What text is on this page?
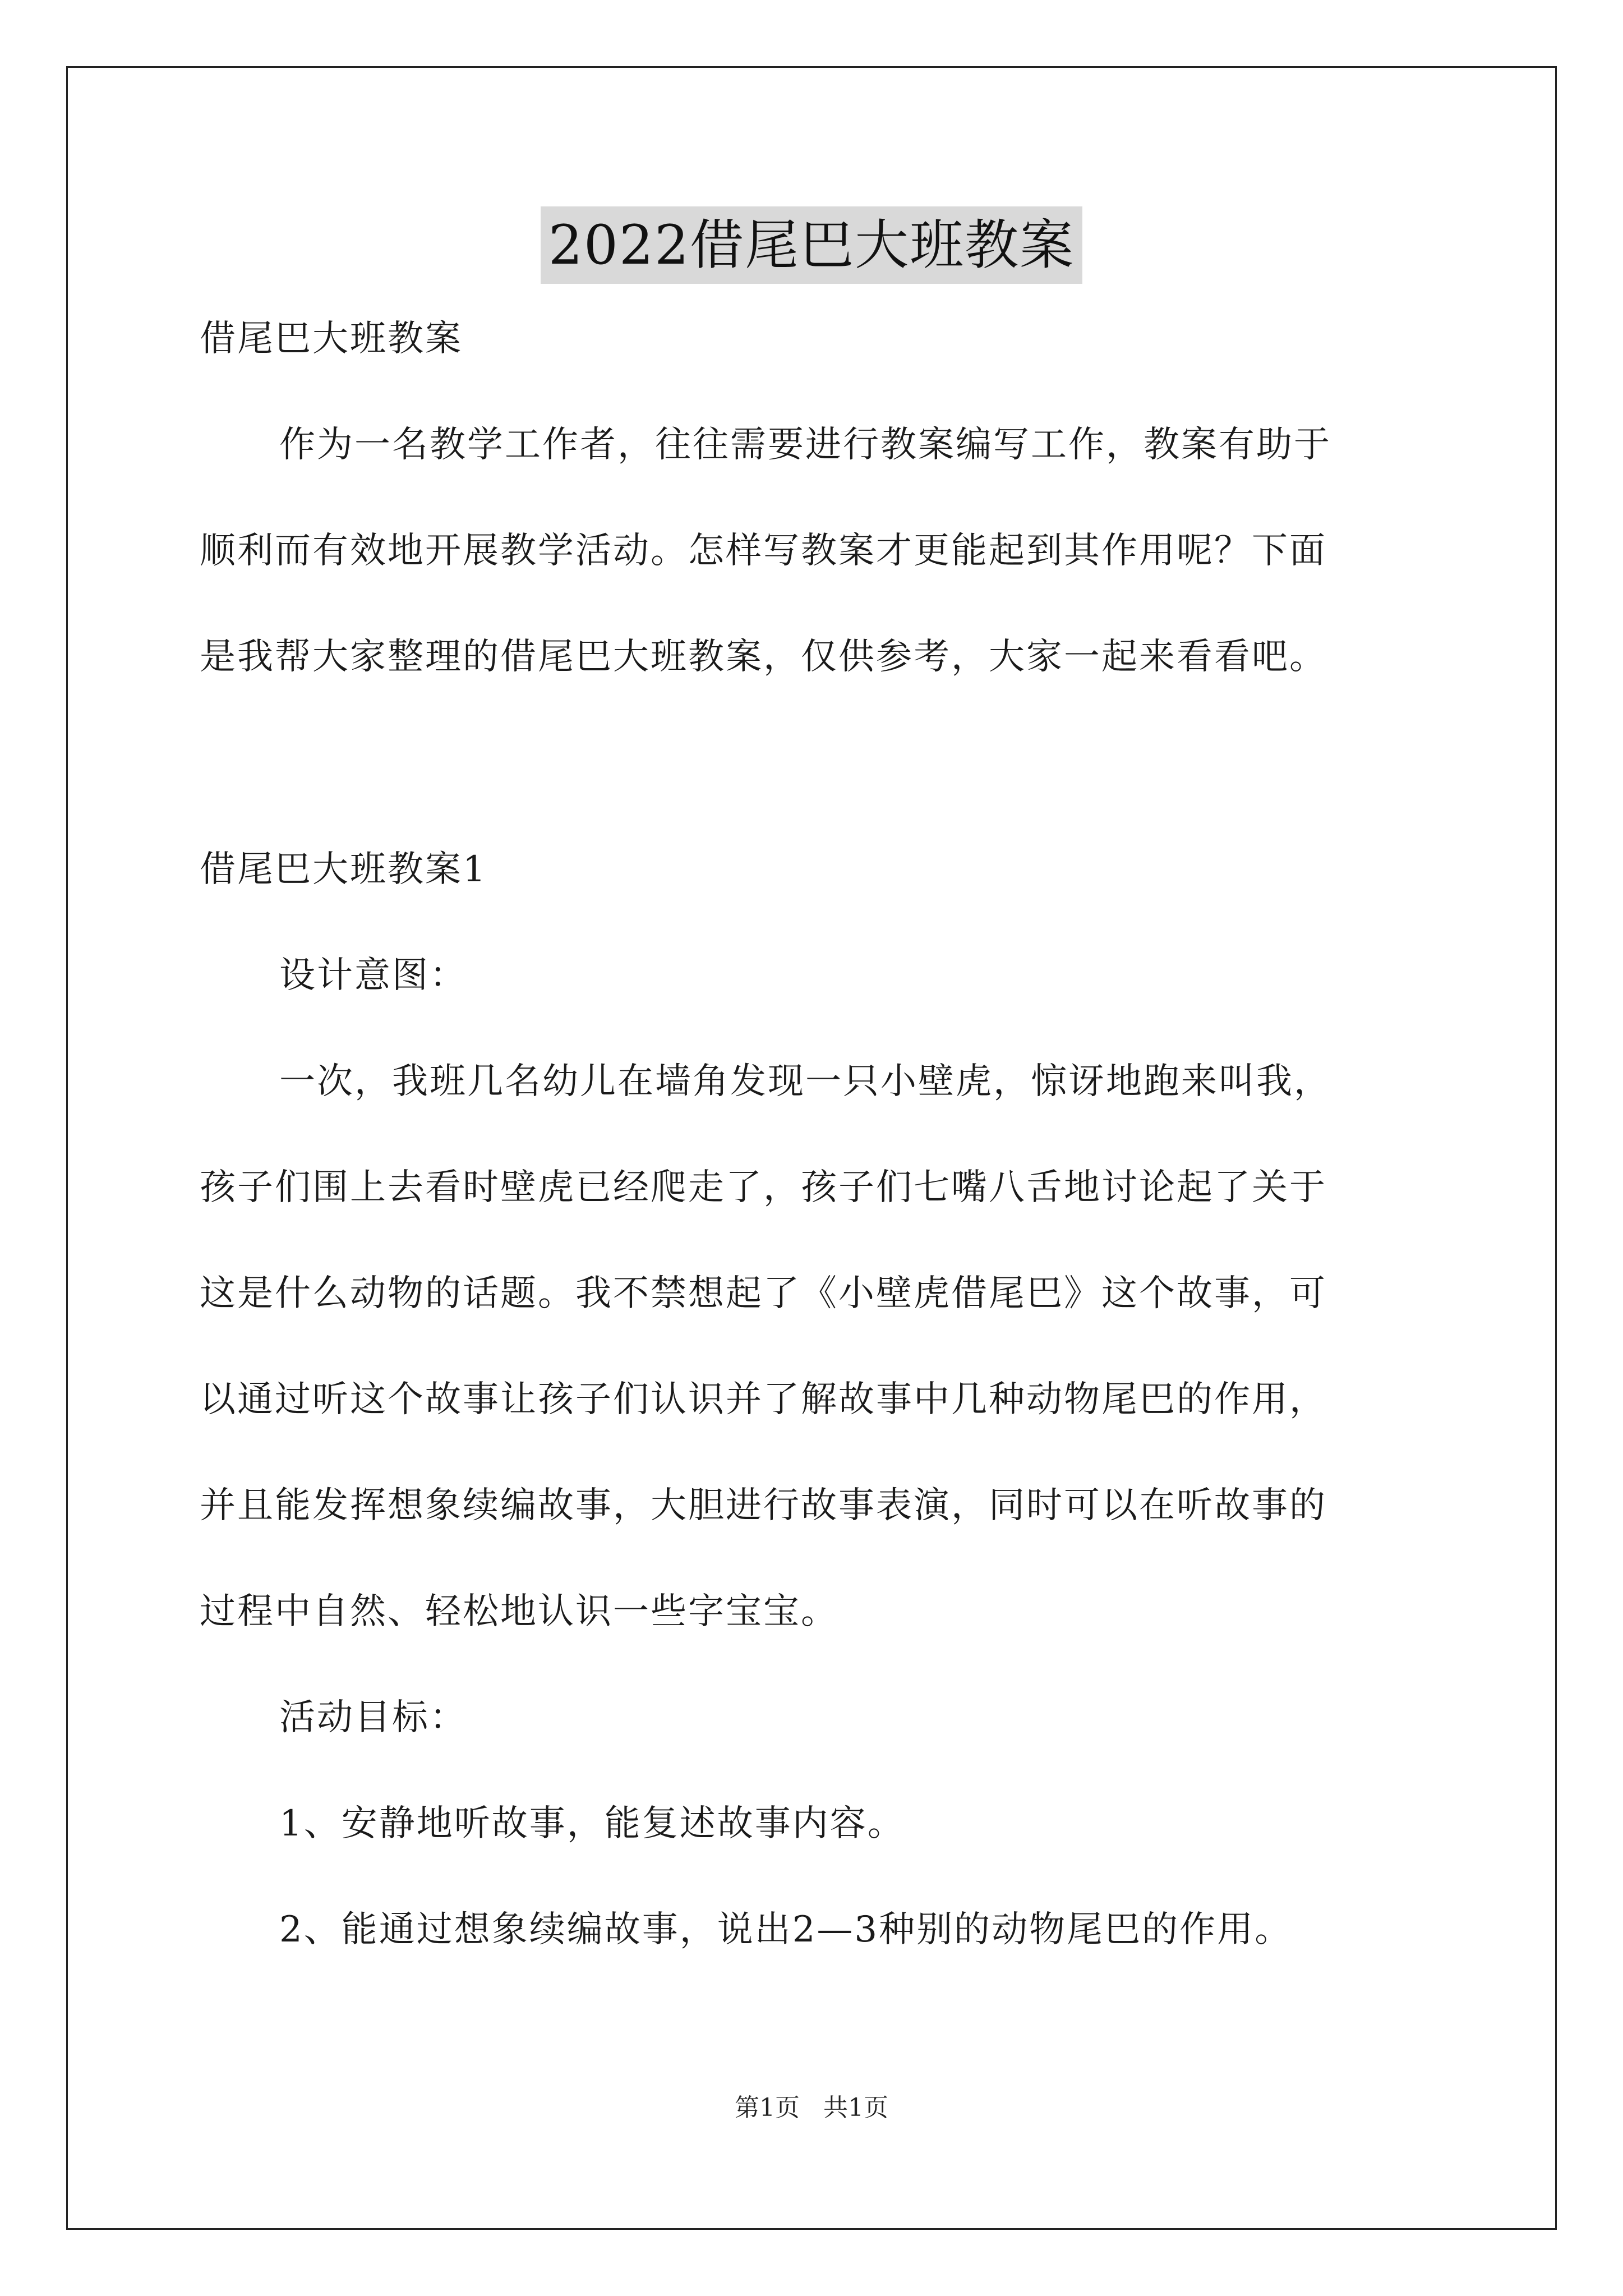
2022借尾巴大班教案
借尾巴大班教案
作为一名教学工作者，往往需要进行教案编写工作，教案有助于
顺利而有效地开展教学活动。怎样写教案才更能起到其作用呢？下面
是我帮大家整理的借尾巴大班教案，仅供参考，大家一起来看看吧。
借尾巴大班教案1
设计意图：
一次，我班几名幼儿在墙角发现一只小壁虎，惊讶地跑来叫我，
孩子们围上去看时壁虎已经爬走了，孩子们七嘴八舌地讨论起了关于
这是什么动物的话题。我不禁想起了《小壁虎借尾巴》这个故事，可
以通过听这个故事让孩子们认识并了解故事中几种动物尾巴的作用，
并且能发挥想象续编故事，大胆进行故事表演，同时可以在听故事的
过程中自然、轻松地认识一些字宝宝。
活动目标：
1、安静地听故事，能复述故事内容。
2、能通过想象续编故事，说出2—3种别的动物尾巴的作用。
第1页   共1页
